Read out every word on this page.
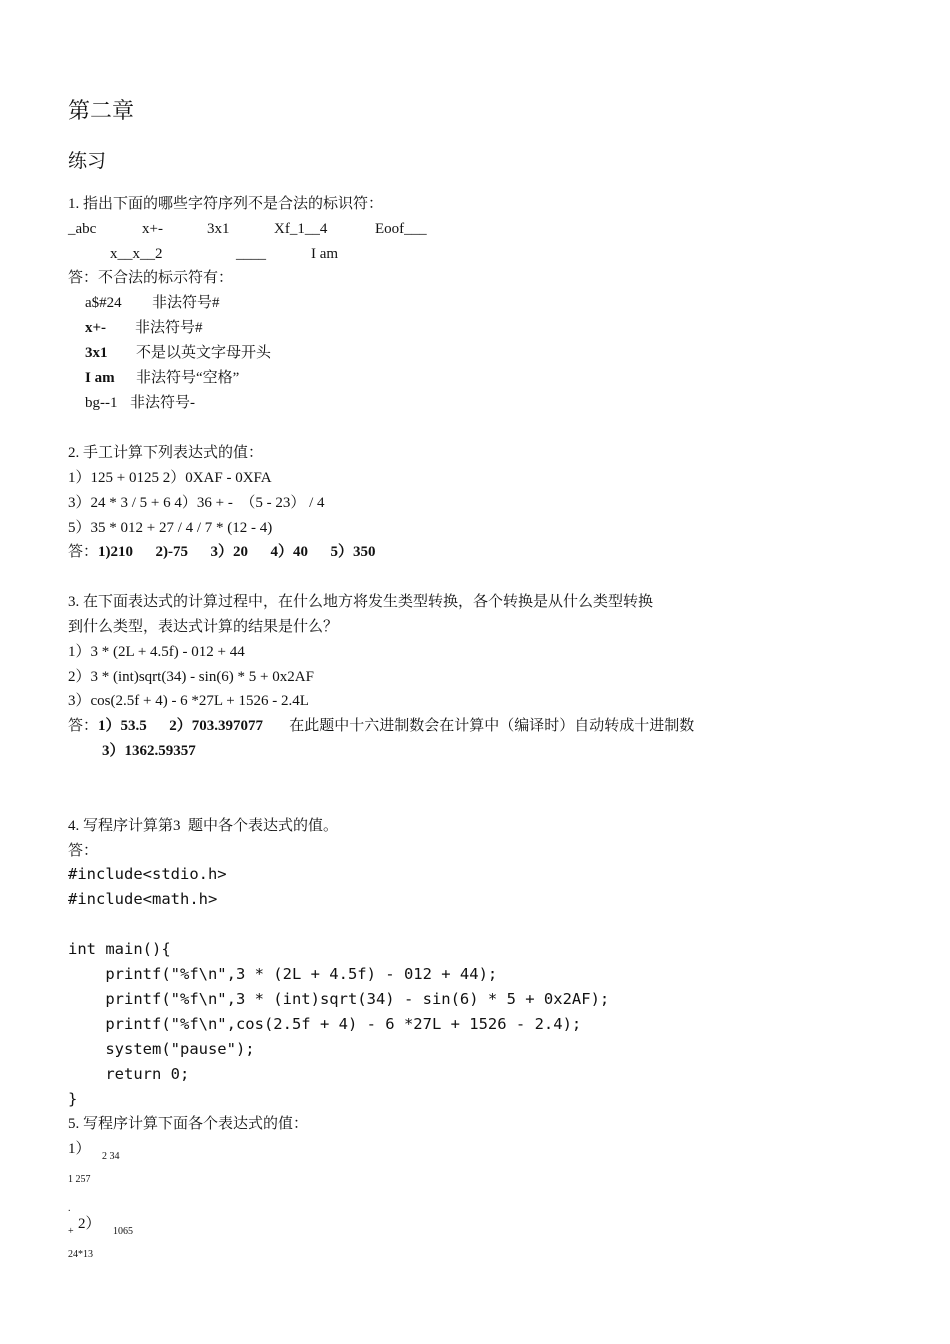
第二章
练习
1. 指出下面的哪些字符序列不是合法的标识符：
_abc	x+-	3x1	Xf_1__4	Eoof___
x__x__2	____	I am
答：不合法的标示符有：
a$#24 非法符号#
x+- 非法符号#
3x1 不是以英文字母开头
I am 非法符号“空格”
bg--1 非法符号-
2. 手工计算下列表达式的值：
1）125 + 0125 2）0XAF - 0XFA
3）24 * 3 / 5 + 6 4）36 + -  （5 - 23） / 4
5）35 * 012 + 27 / 4 / 7 * (12 - 4)
答：1)210      2)-75      3）20      4）40      5）350
3. 在下面表达式的计算过程中，在什么地方将发生类型转换，各个转换是从什么类型转换
到什么类型，表达式计算的结果是什么？
1）3 * (2L + 4.5f) - 012 + 44
2）3 * (int)sqrt(34) - sin(6) * 5 + 0x2AF
3）cos(2.5f + 4) - 6 *27L + 1526 - 2.4L
答：1）53.5      2）703.397077 在此题中十六进制数会在计算中（编译时）自动转成十进制数
3）1362.59357
4. 写程序计算第3  题中各个表达式的值。
答：
#include<stdio.h>
#include<math.h>
int main(){
printf("%f\n",3 * (2L + 4.5f) - 012 + 44);
printf("%f\n",3 * (int)sqrt(34) - sin(6) * 5 + 0x2AF);
printf("%f\n",cos(2.5f + 4) - 6 *27L + 1526 - 2.4);
system("pause");
return 0;
}
5. 写程序计算下面各个表达式的值：
1） 2 34
1 257
.
+ 2） 1065
24*13
